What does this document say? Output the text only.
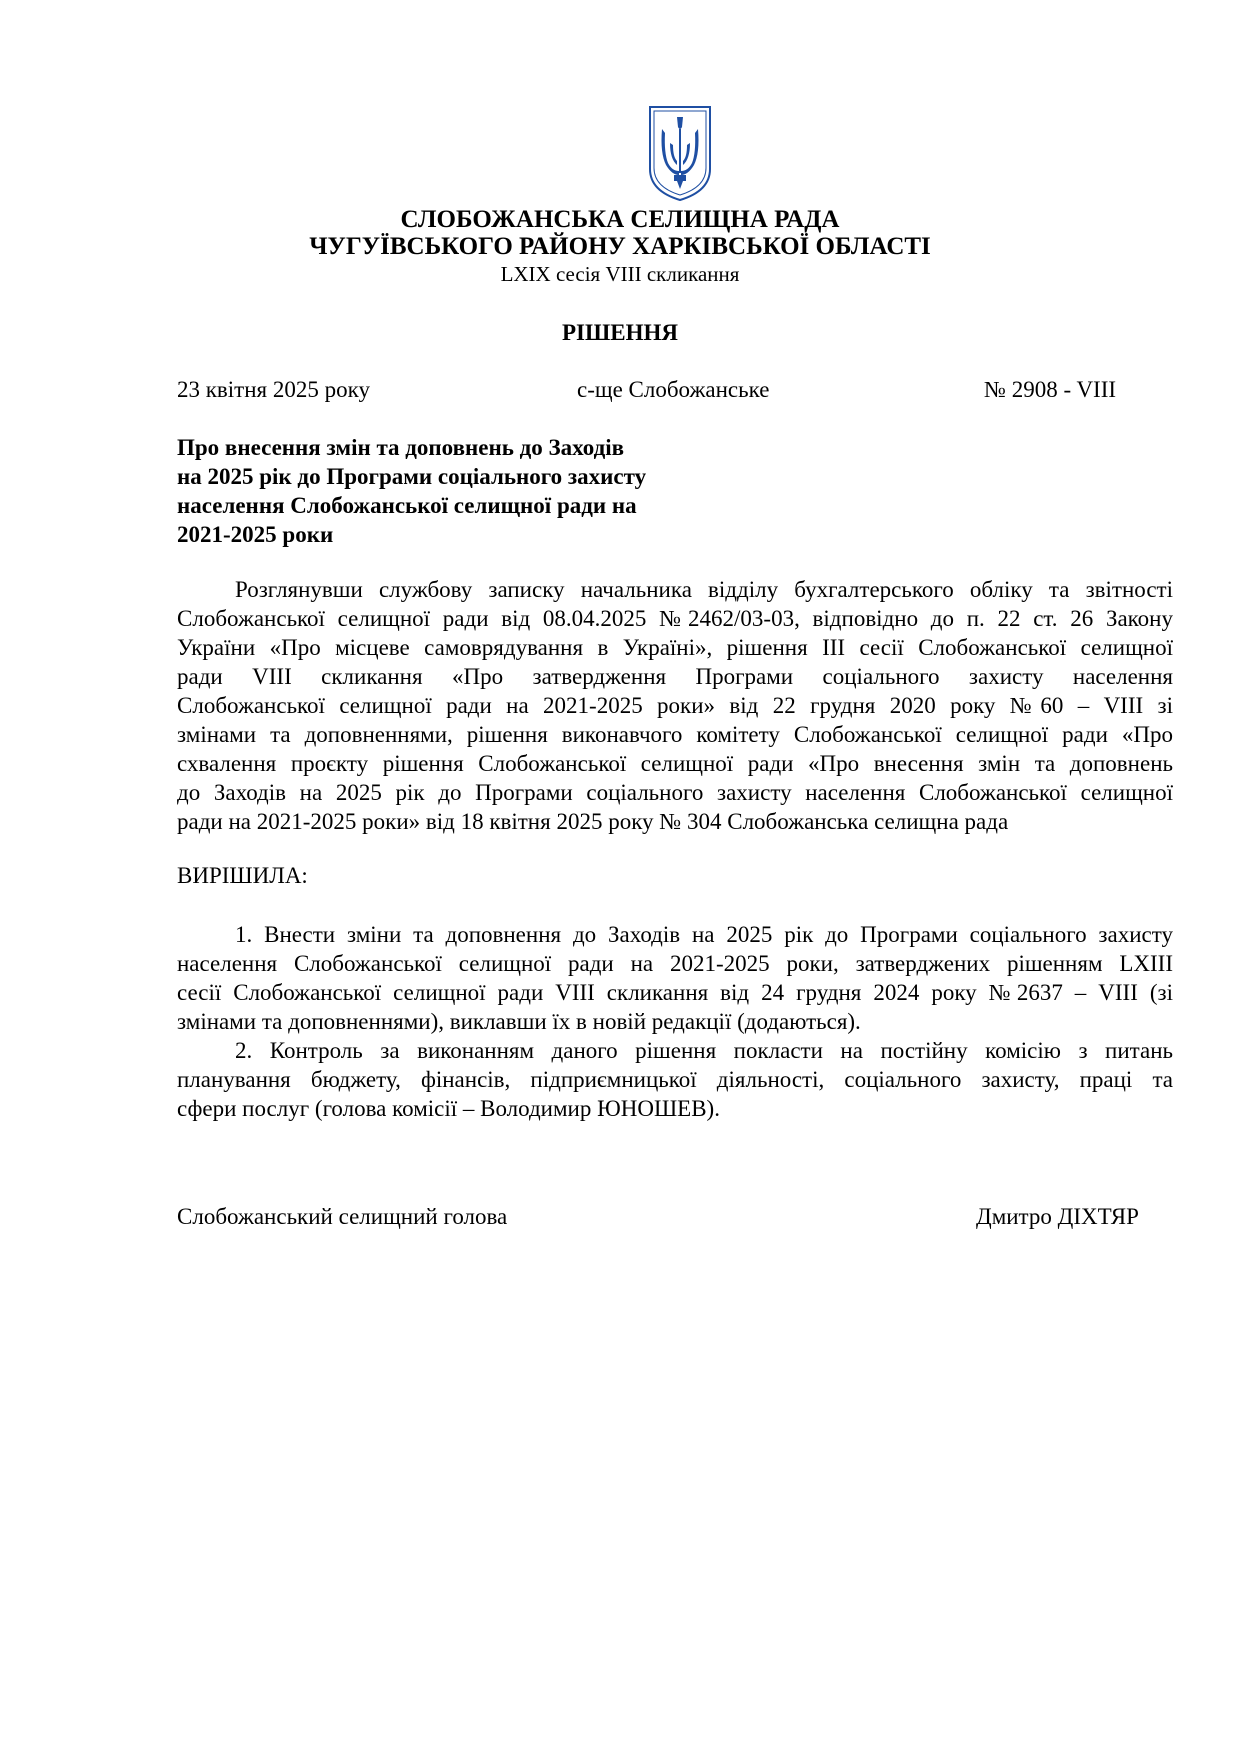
СЛОБОЖАНСЬКА СЕЛИЩНА РАДА
ЧУГУЇВСЬКОГО РАЙОНУ ХАРКІВСЬКОЇ ОБЛАСТІ
LXIX сесія VIII скликання
РІШЕННЯ
23 квітня 2025 року	с-ще Слобожанське	№ 2908 - VIII
Про внесення змін та доповнень до Заходів
на 2025 рік до Програми соціального захисту
населення Слобожанської селищної ради на
2021-2025 роки
Розглянувши службову записку начальника відділу бухгалтерського обліку та звітності
Слобожанської селищної ради від 08.04.2025 №2462/03-03, відповідно до п. 22 ст. 26 Закону
України «Про місцеве самоврядування в Україні», рішення ІІІ сесії Слобожанської селищної
ради VIII скликання «Про затвердження Програми соціального захисту населення
Слобожанської селищної ради на 2021-2025 роки» від 22 грудня 2020 року №60 – VIII зі
змінами та доповненнями, рішення виконавчого комітету Слобожанської селищної ради «Про
схвалення проєкту рішення Слобожанської селищної ради «Про внесення змін та доповнень
до Заходів на 2025 рік до Програми соціального захисту населення Слобожанської селищної
ради на 2021-2025 роки» від 18 квітня 2025 року № 304 Слобожанська селищна рада
ВИРІШИЛА:
1. Внести зміни та доповнення до Заходів на 2025 рік до Програми соціального захисту
населення Слобожанської селищної ради на 2021-2025 роки, затверджених рішенням LXIII
сесії Слобожанської селищної ради VIII скликання від 24 грудня 2024 року №2637 – VIII (зі
змінами та доповненнями), виклавши їх в новій редакції (додаються).
2. Контроль за виконанням даного рішення покласти на постійну комісію з питань
планування бюджету, фінансів, підприємницької діяльності, соціального захисту, праці та
сфери послуг (голова комісії – Володимир ЮНОШЕВ).
Слобожанський селищний голова	Дмитро ДІХТЯР
